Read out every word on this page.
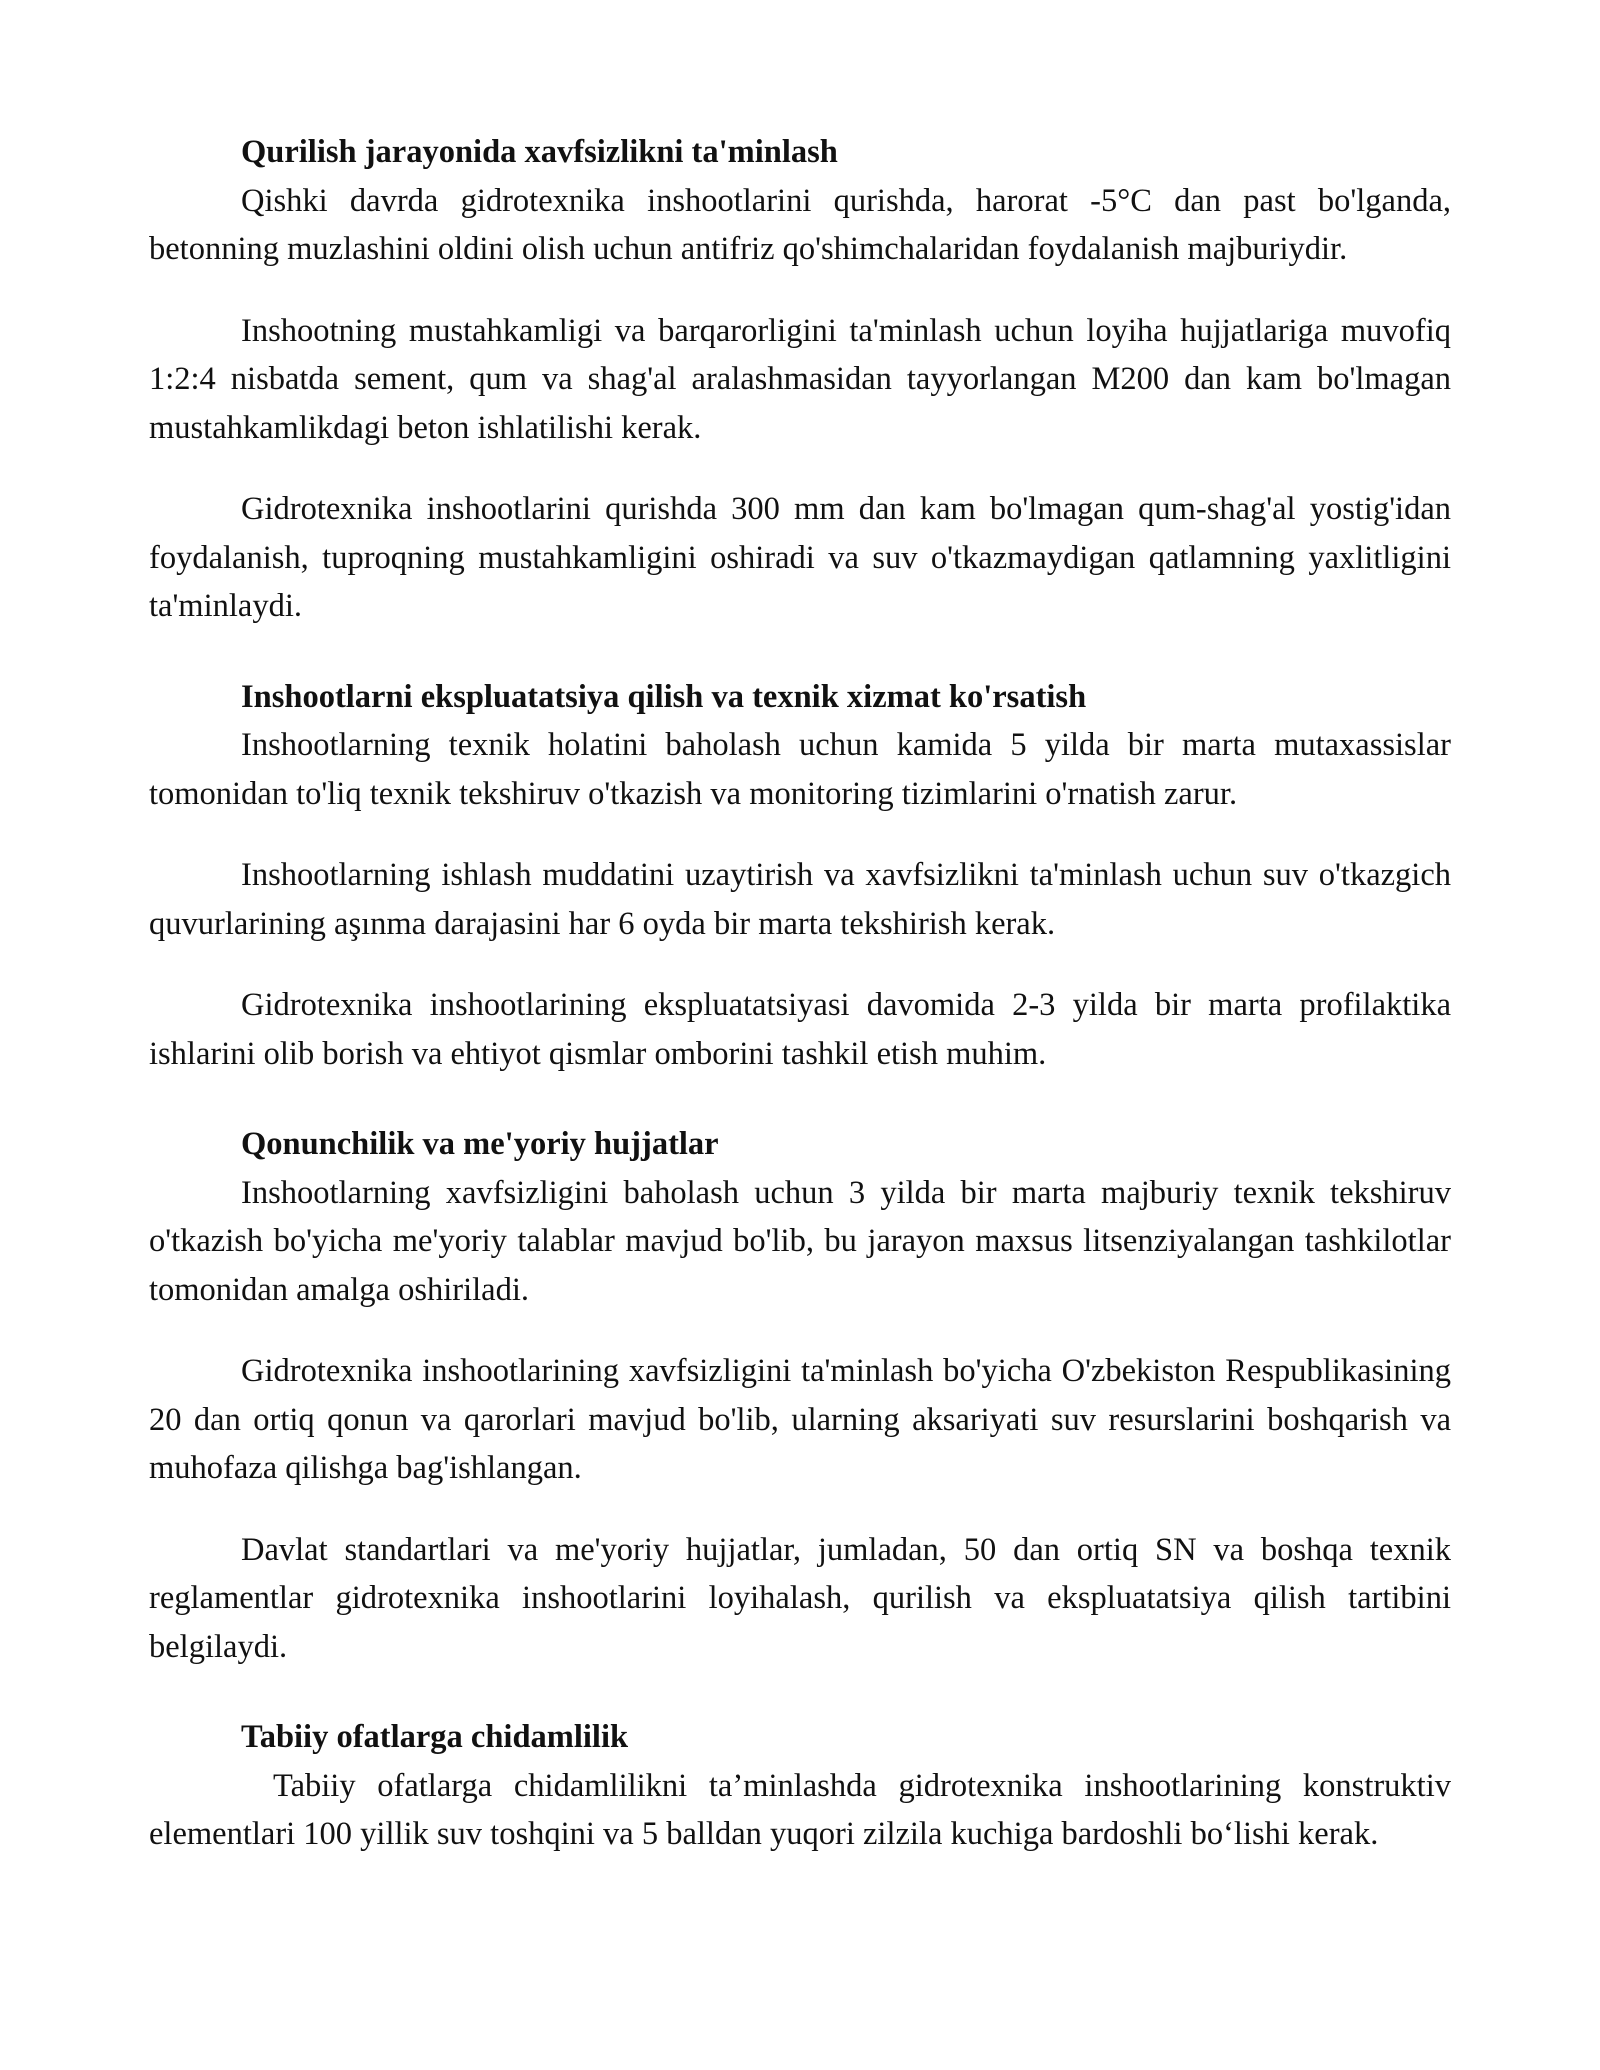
Qurilish jarayonida xavfsizlikni ta'minlash

Qishki davrda gidrotexnika inshootlarini qurishda, harorat -5°C dan past bo'lganda, betonning muzlashini oldini olish uchun antifriz qo'shimchalaridan foydalanish majburiydir.

Inshootning mustahkamligi va barqarorligini ta'minlash uchun loyiha hujjatlariga muvofiq 1:2:4 nisbatda sement, qum va shag'al aralashmasidan tayyorlangan M200 dan kam bo'lmagan mustahkamlikdagi beton ishlatilishi kerak.

Gidrotexnika inshootlarini qurishda 300 mm dan kam bo'lmagan qum-shag'al yostig'idan foydalanish, tuproqning mustahkamligini oshiradi va suv o'tkazmaydigan qatlamning yaxlitligini ta'minlaydi.

Inshootlarni ekspluatatsiya qilish va texnik xizmat ko'rsatish

Inshootlarning texnik holatini baholash uchun kamida 5 yilda bir marta mutaxassislar tomonidan to'liq texnik tekshiruv o'tkazish va monitoring tizimlarini o'rnatish zarur.

Inshootlarning ishlash muddatini uzaytirish va xavfsizlikni ta'minlash uchun suv o'tkazgich quvurlarining aşınma darajasini har 6 oyda bir marta tekshirish kerak.

Gidrotexnika inshootlarining ekspluatatsiyasi davomida 2-3 yilda bir marta profilaktika ishlarini olib borish va ehtiyot qismlar omborini tashkil etish muhim.

Qonunchilik va me'yoriy hujjatlar

Inshootlarning xavfsizligini baholash uchun 3 yilda bir marta majburiy texnik tekshiruv o'tkazish bo'yicha me'yoriy talablar mavjud bo'lib, bu jarayon maxsus litsenziyalangan tashkilotlar tomonidan amalga oshiriladi.

Gidrotexnika inshootlarining xavfsizligini ta'minlash bo'yicha O'zbekiston Respublikasining 20 dan ortiq qonun va qarorlari mavjud bo'lib, ularning aksariyati suv resurslarini boshqarish va muhofaza qilishga bag'ishlangan.

Davlat standartlari va me'yoriy hujjatlar, jumladan, 50 dan ortiq SN va boshqa texnik reglamentlar gidrotexnika inshootlarini loyihalash, qurilish va ekspluatatsiya qilish tartibini belgilaydi.

Tabiiy ofatlarga chidamlilik

Tabiiy ofatlarga chidamlilikni ta’minlashda gidrotexnika inshootlarining konstruktiv elementlari 100 yillik suv toshqini va 5 balldan yuqori zilzila kuchiga bardoshli bo‘lishi kerak.
